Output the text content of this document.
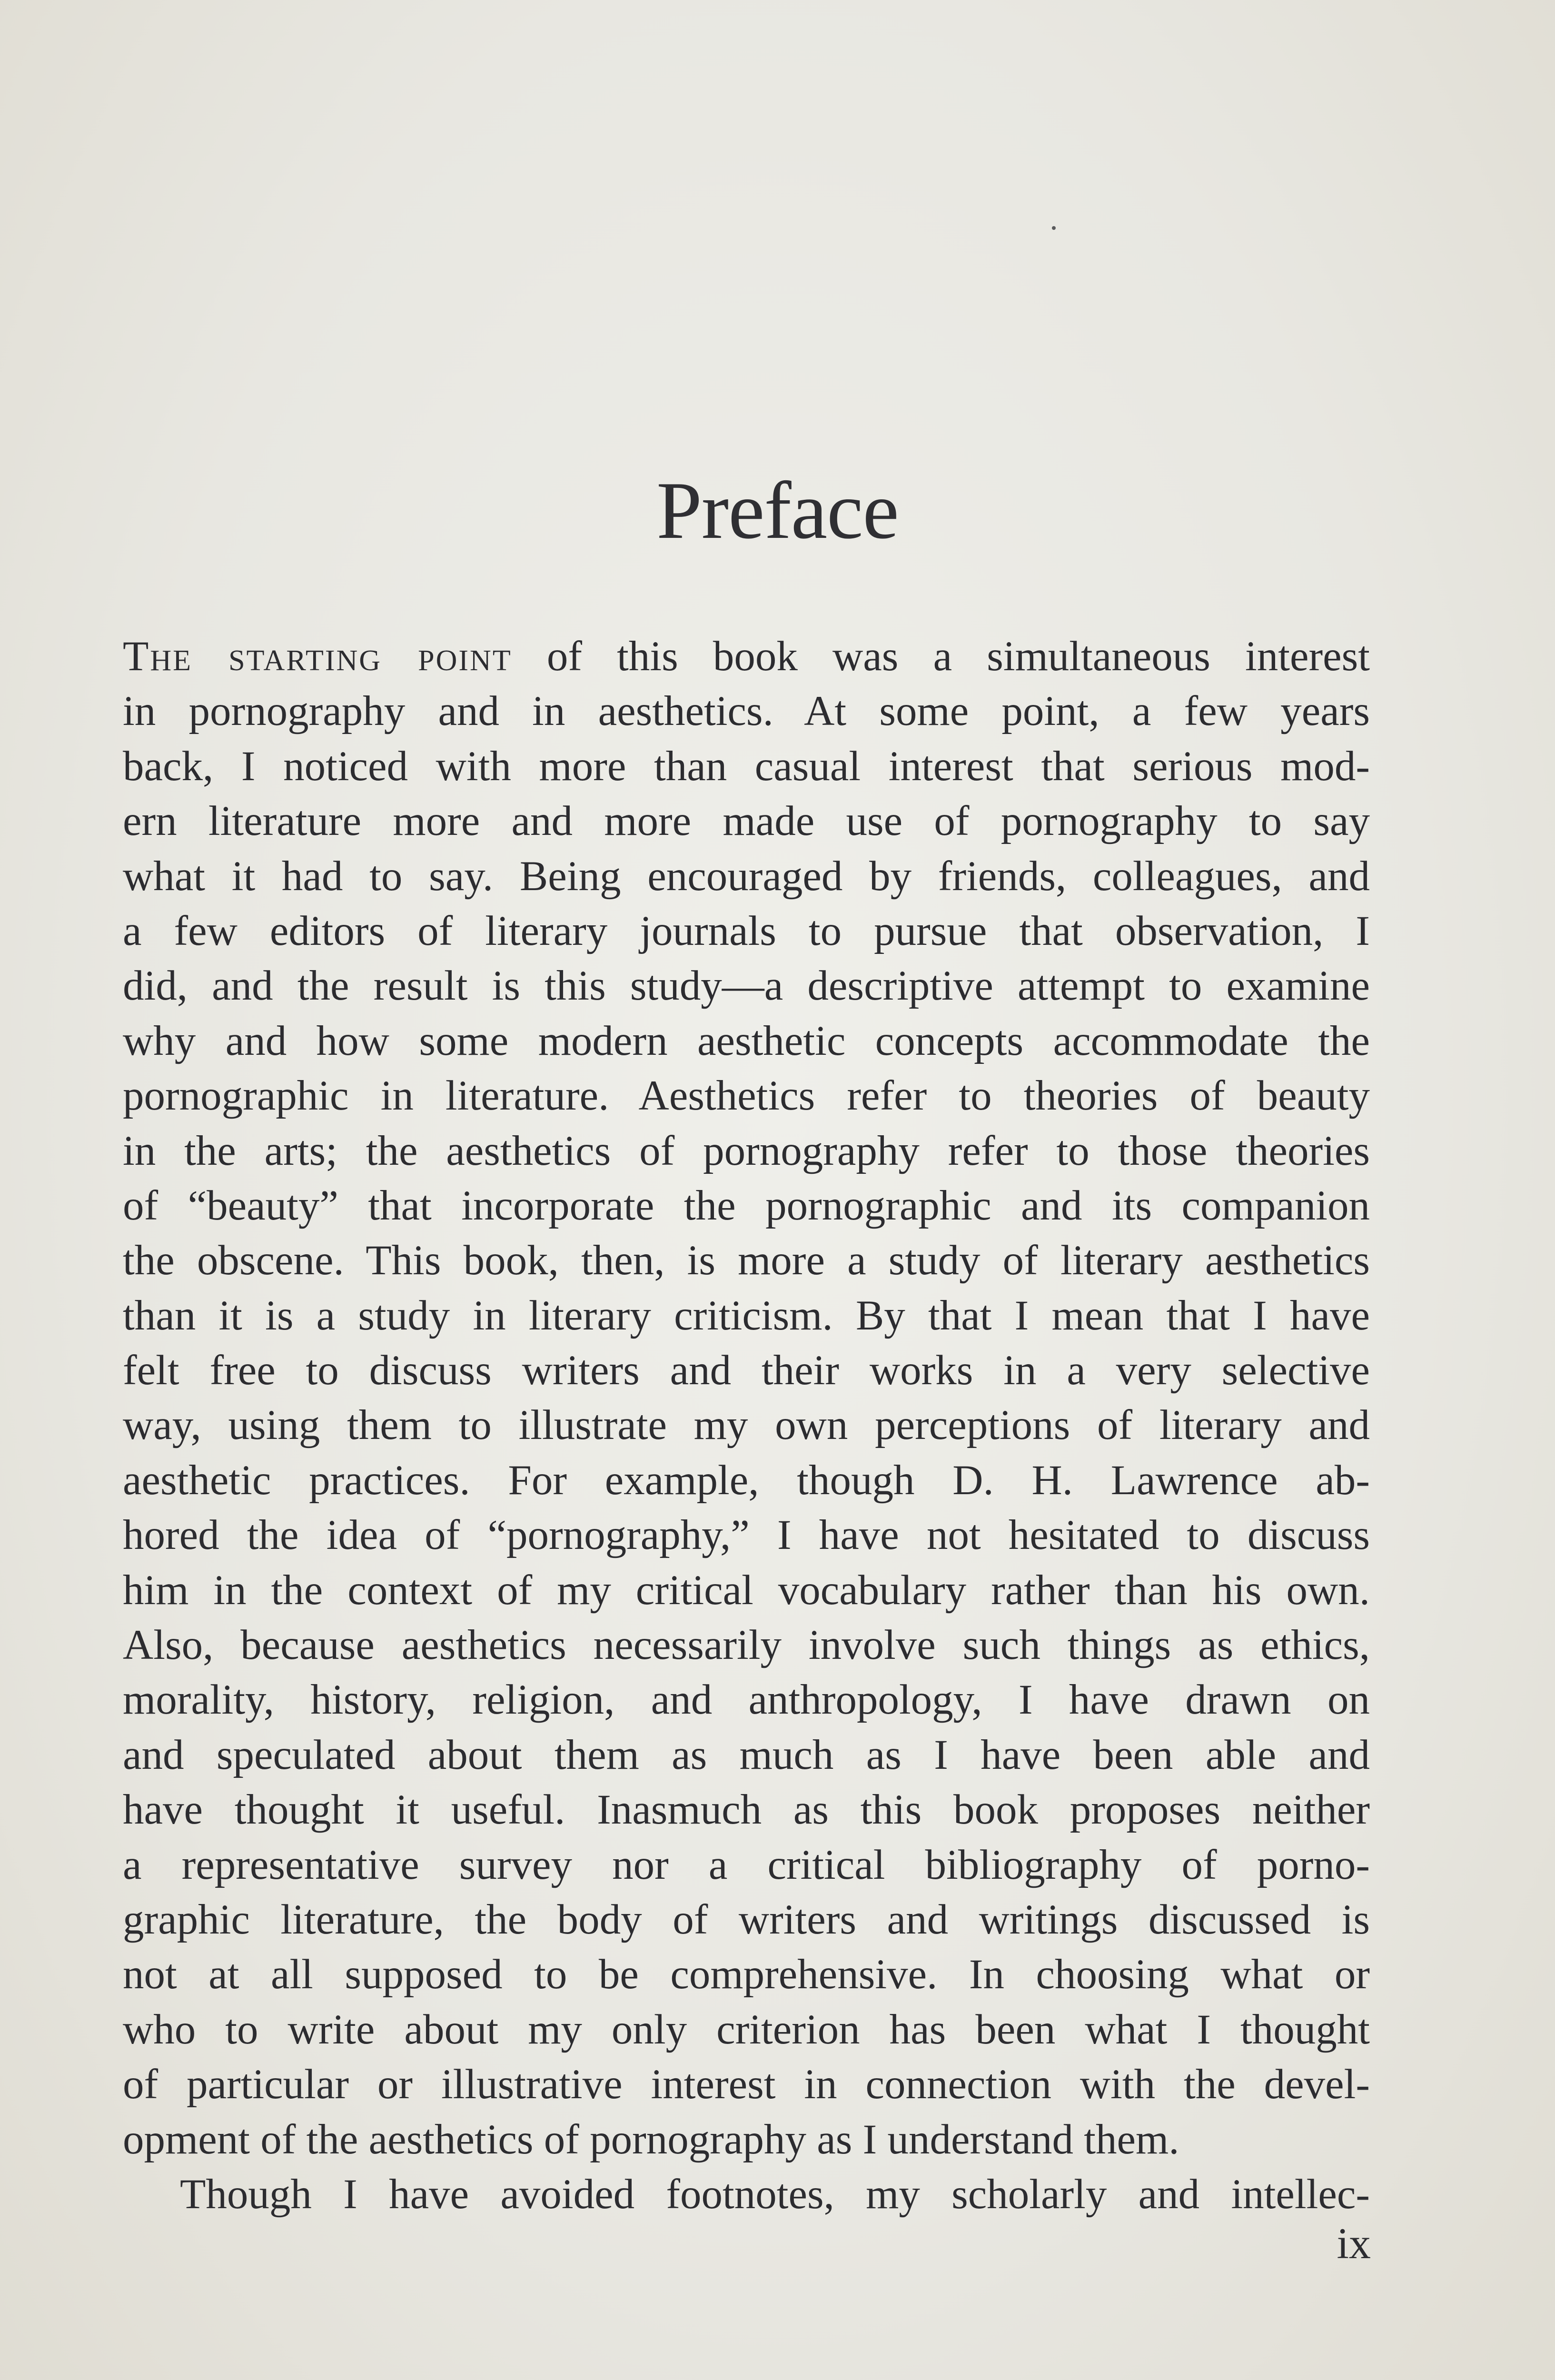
Preface
The starting point of this book was a simultaneous interest
in pornography and in aesthetics. At some point, a few years
back, I noticed with more than casual interest that serious mod-
ern literature more and more made use of pornography to say
what it had to say. Being encouraged by friends, colleagues, and
a few editors of literary journals to pursue that observation, I
did, and the result is this study—a descriptive attempt to examine
why and how some modern aesthetic concepts accommodate the
pornographic in literature. Aesthetics refer to theories of beauty
in the arts; the aesthetics of pornography refer to those theories
of “beauty” that incorporate the pornographic and its companion
the obscene. This book, then, is more a study of literary aesthetics
than it is a study in literary criticism. By that I mean that I have
felt free to discuss writers and their works in a very selective
way, using them to illustrate my own perceptions of literary and
aesthetic practices. For example, though D. H. Lawrence ab-
hored the idea of “pornography,” I have not hesitated to discuss
him in the context of my critical vocabulary rather than his own.
Also, because aesthetics necessarily involve such things as ethics,
morality, history, religion, and anthropology, I have drawn on
and speculated about them as much as I have been able and
have thought it useful. Inasmuch as this book proposes neither
a representative survey nor a critical bibliography of porno-
graphic literature, the body of writers and writings discussed is
not at all supposed to be comprehensive. In choosing what or
who to write about my only criterion has been what I thought
of particular or illustrative interest in connection with the devel-
opment of the aesthetics of pornography as I understand them.
Though I have avoided footnotes, my scholarly and intellec-
ix
